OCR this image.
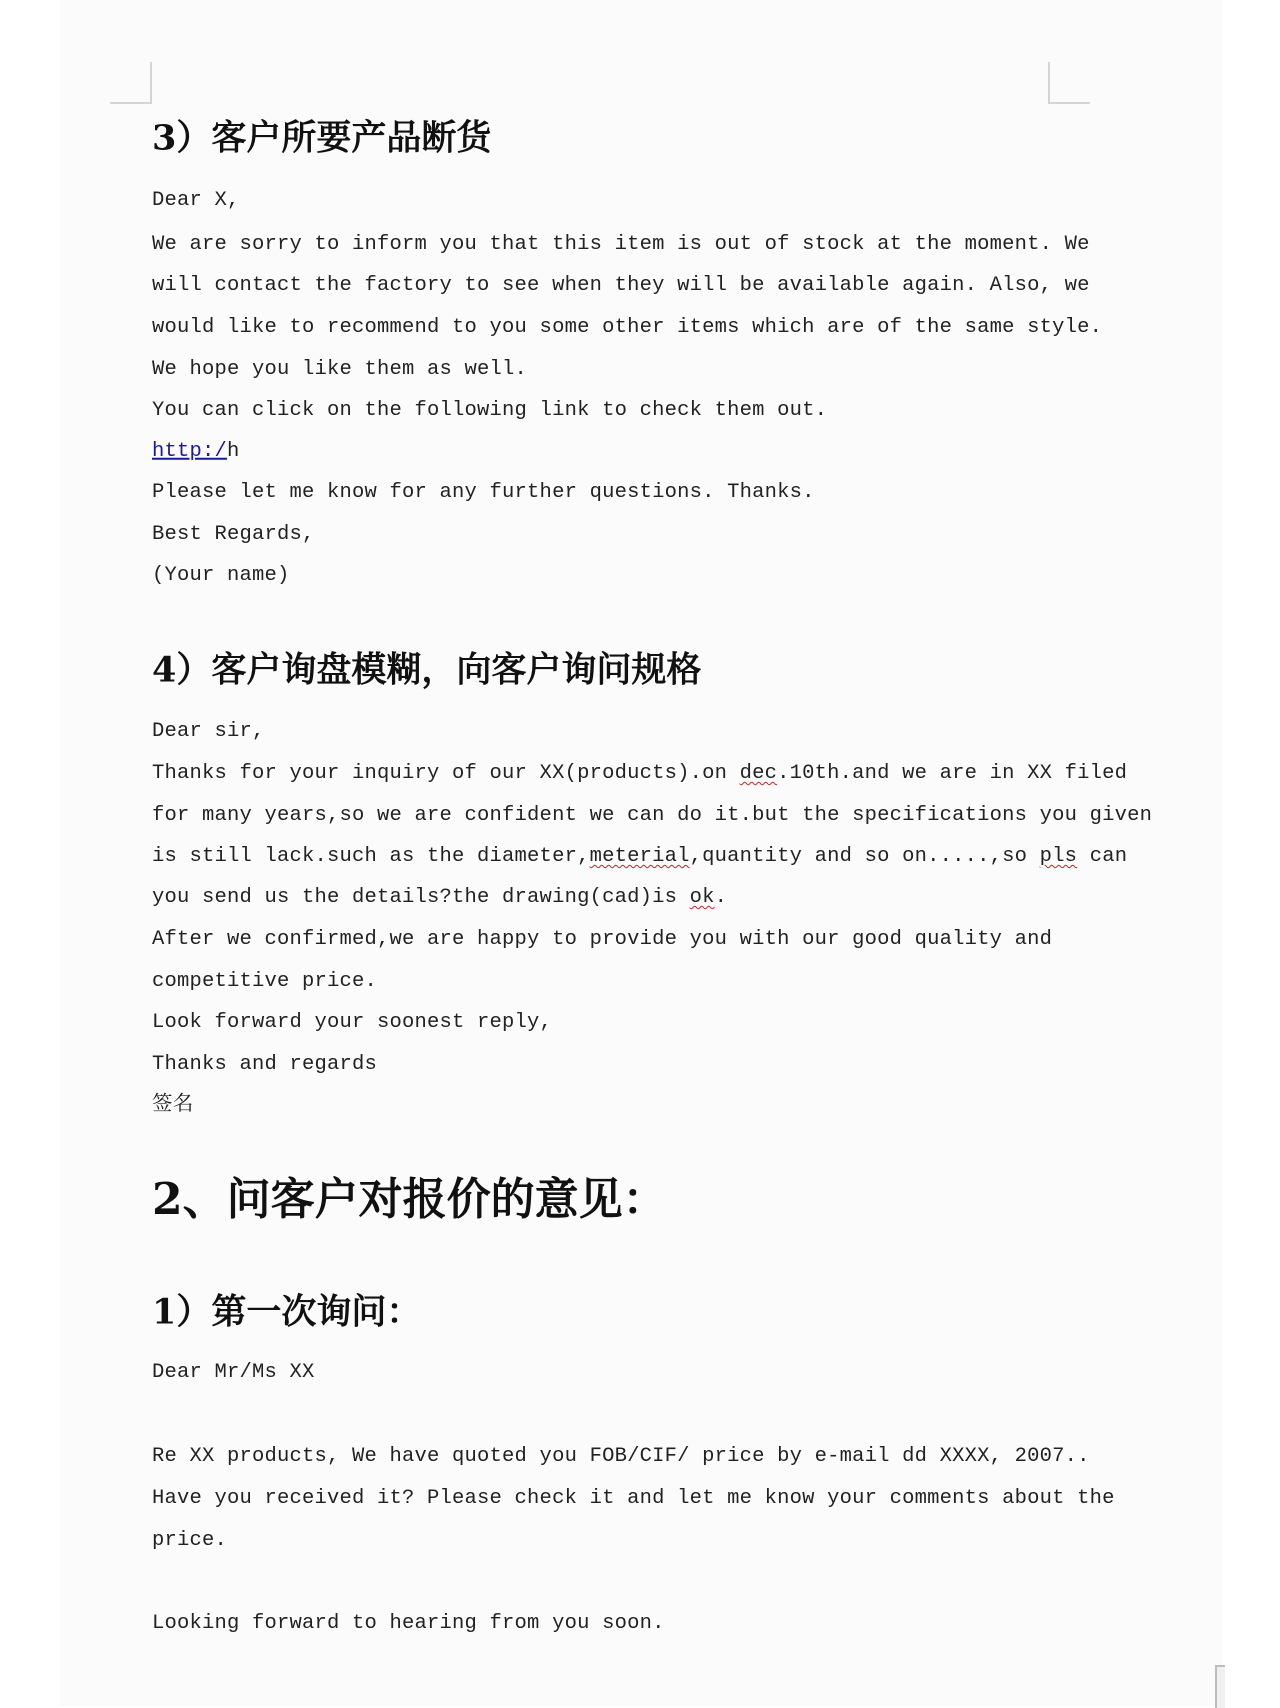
3）客户所要产品断货
Dear X,
We are sorry to inform you that this item is out of stock at the moment. We
will contact the factory to see when they will be available again. Also, we
would like to recommend to you some other items which are of the same style.
We hope you like them as well.
You can click on the following link to check them out.
http:/h
Please let me know for any further questions. Thanks.
Best Regards,
(Your name)
4）客户询盘模糊，向客户询问规格
Dear sir,
Thanks for your inquiry of our XX(products).on dec.10th.and we are in XX filed
for many years,so we are confident we can do it.but the specifications you given
is still lack.such as the diameter,meterial,quantity and so on.....,so pls can
you send us the details?the drawing(cad)is ok.
After we confirmed,we are happy to provide you with our good quality and
competitive price.
Look forward your soonest reply,
Thanks and regards
签名
2、问客户对报价的意见：
1）第一次询问：
Dear Mr/Ms XX
Re XX products, We have quoted you FOB/CIF/ price by e-mail dd XXXX, 2007..
Have you received it? Please check it and let me know your comments about the
price.
Looking forward to hearing from you soon.
